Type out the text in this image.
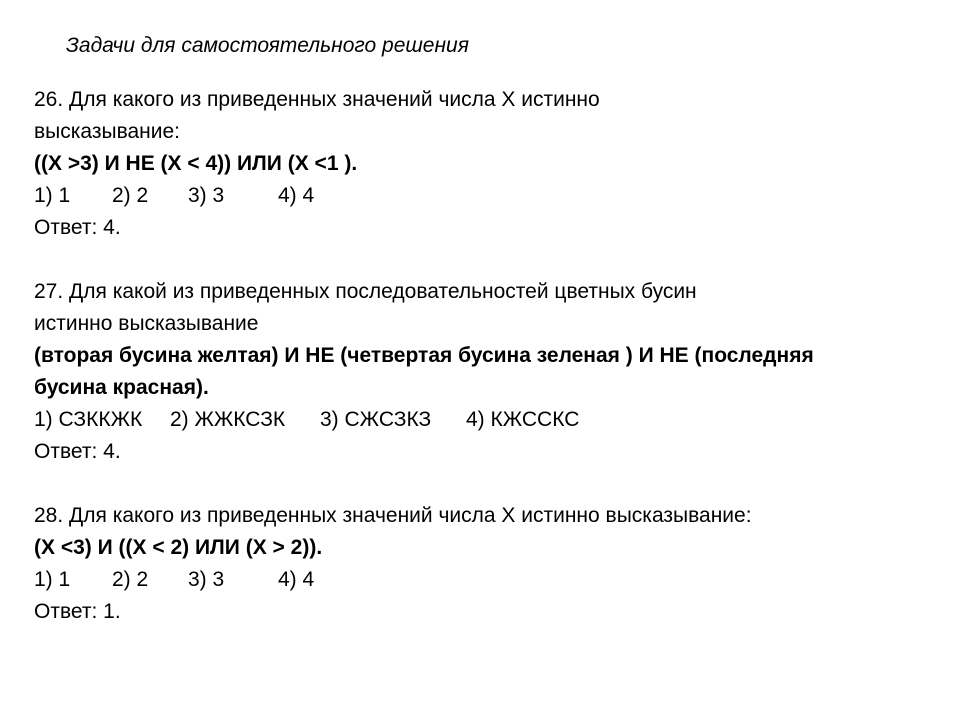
Задачи для самостоятельного решения
26. Для какого из приведенных значений числа X истинно
высказывание:
((X >3) И НЕ (X < 4)) ИЛИ (X <1 ).
1) 1	2) 2	3) 3	4) 4
Ответ: 4.
27. Для какой из приведенных последовательностей цветных бусин
истинно высказывание
(вторая бусина желтая) И НЕ (четвертая бусина зеленая ) И НЕ (последняя
бусина красная).
1) СЗККЖК	2) ЖЖКСЗК	3) СЖСЗКЗ	4) КЖССКС
Ответ: 4.
28. Для какого из приведенных значений числа X истинно высказывание:
(X <3) И ((X < 2) ИЛИ (X > 2)).
1) 1	2) 2	3) 3	4) 4
Ответ: 1.
